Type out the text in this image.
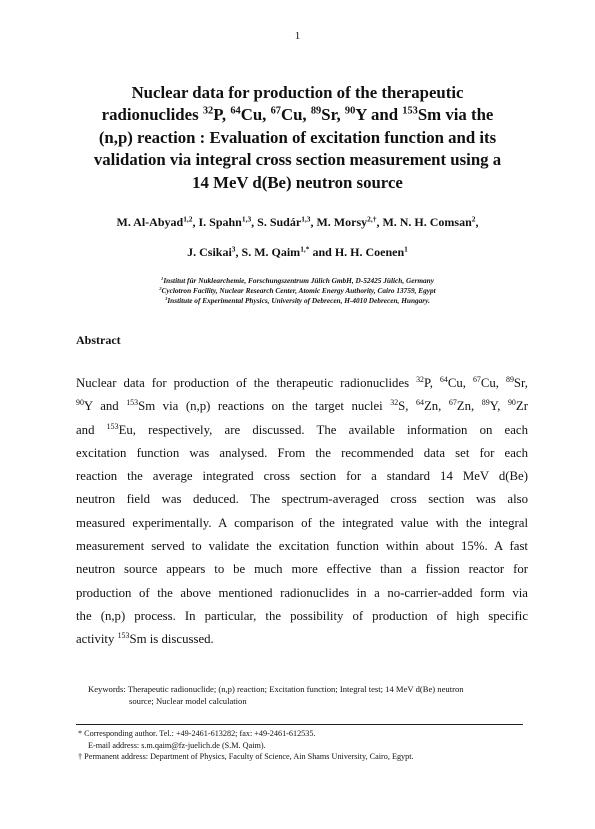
1
Nuclear data for production of the therapeutic
radionuclides $^{32}$P, $^{64}$Cu, $^{67}$Cu, $^{89}$Sr, $^{90}$Y and $^{153}$Sm via the
(n,p) reaction : Evaluation of excitation function and its
validation via integral cross section measurement using a
14 MeV d(Be) neutron source
M. Al-Abyad$^{1,2}$, I. Spahn$^{1,3}$, S. Sudár$^{1,3}$, M. Morsy$^{2,\dagger}$, M. N. H. Comsan$^2$,
J. Csikai$^3$, S. M. Qaim$^{1,*}$ and H. H. Coenen$^1$
$^1$Institut für Nuklearchemie, Forschungszentrum Jülich GmbH, D-52425 Jülich, Germany
$^2$Cyclotron Facility, Nuclear Research Center, Atomic Energy Authority, Cairo 13759, Egypt
$^3$Institute of Experimental Physics, University of Debrecen, H-4010 Debrecen, Hungary.
Abstract
Nuclear data for production of the therapeutic radionuclides $^{32}$P, $^{64}$Cu, $^{67}$Cu, $^{89}$Sr,
$^{90}$Y and $^{153}$Sm via (n,p) reactions on the target nuclei $^{32}$S, $^{64}$Zn, $^{67}$Zn, $^{89}$Y, $^{90}$Zr
and $^{153}$Eu, respectively, are discussed. The available information on each
excitation function was analysed. From the recommended data set for each
reaction the average integrated cross section for a standard 14 MeV d(Be)
neutron field was deduced. The spectrum-averaged cross section was also
measured experimentally. A comparison of the integrated value with the integral
measurement served to validate the excitation function within about 15%. A fast
neutron source appears to be much more effective than a fission reactor for
production of the above mentioned radionuclides in a no-carrier-added form via
the (n,p) process. In particular, the possibility of production of high specific
activity $^{153}$Sm is discussed.
Keywords: Therapeutic radionuclide; (n,p) reaction; Excitation function; Integral test; 14 MeV d(Be) neutron
source; Nuclear model calculation
* Corresponding author. Tel.: +49-2461-613282; fax: +49-2461-612535.
E-mail address: s.m.qaim@fz-juelich.de (S.M. Qaim).
† Permanent address: Department of Physics, Faculty of Science, Ain Shams University, Cairo, Egypt.
